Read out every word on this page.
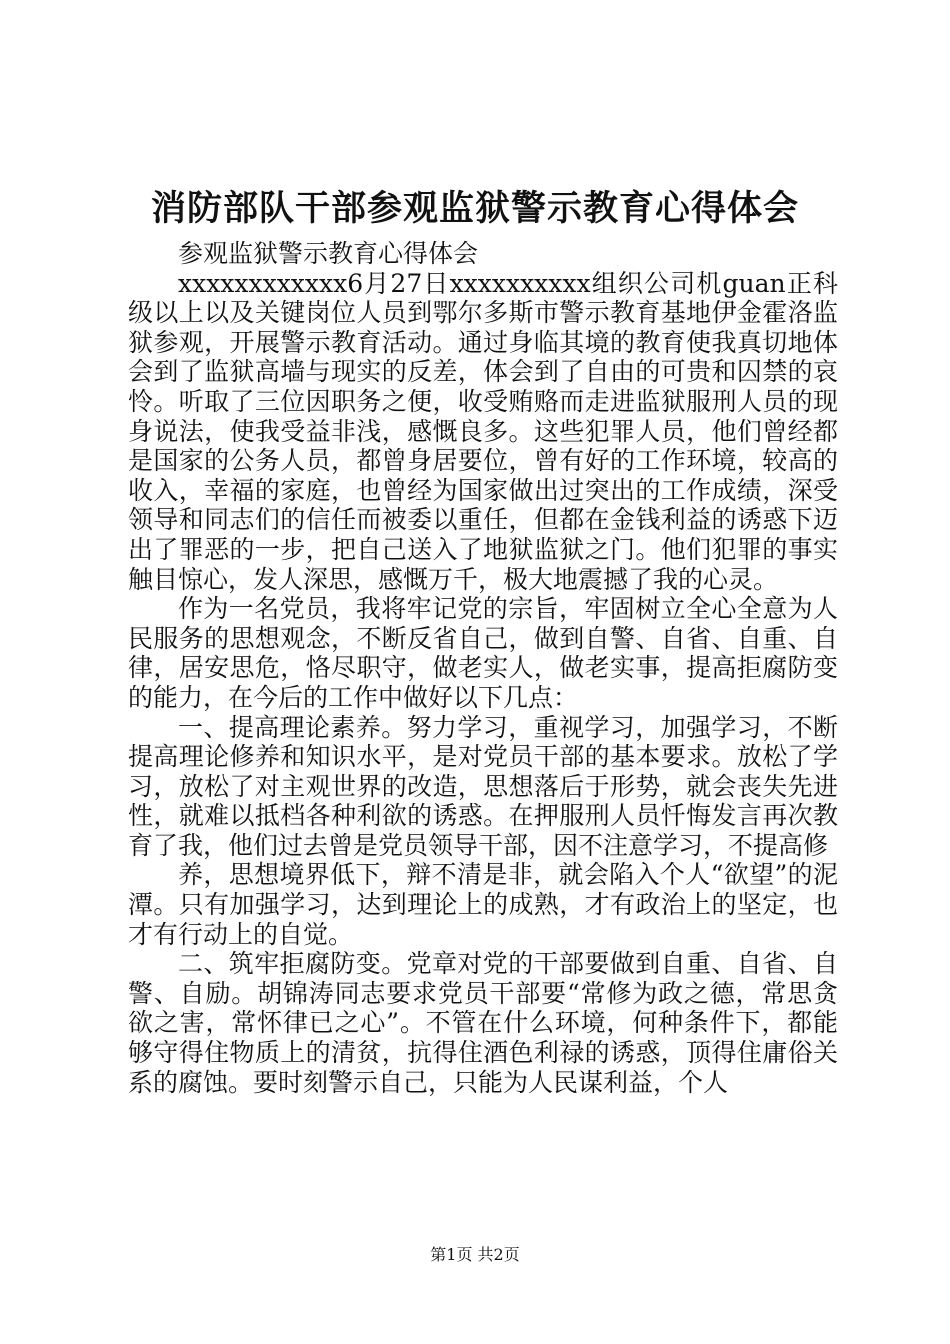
消防部队干部参观监狱警示教育心得体会

参观监狱警示教育心得体会

xxxxxxxxxxxx6月27日xxxxxxxxxx组织公司机guan正科级以上以及关键岗位人员到鄂尔多斯市警示教育基地伊金霍洛监狱参观，开展警示教育活动。通过身临其境的教育使我真切地体会到了监狱高墙与现实的反差，体会到了自由的可贵和囚禁的哀怜。听取了三位因职务之便，收受贿赂而走进监狱服刑人员的现身说法，使我受益非浅，感慨良多。这些犯罪人员，他们曾经都是国家的公务人员，都曾身居要位，曾有好的工作环境，较高的收入，幸福的家庭，也曾经为国家做出过突出的工作成绩，深受领导和同志们的信任而被委以重任，但都在金钱利益的诱惑下迈出了罪恶的一步，把自己送入了地狱监狱之门。他们犯罪的事实触目惊心，发人深思，感慨万千，极大地震撼了我的心灵。

作为一名党员，我将牢记党的宗旨，牢固树立全心全意为人民服务的思想观念，不断反省自己，做到自警、自省、自重、自律，居安思危，恪尽职守，做老实人，做老实事，提高拒腐防变的能力，在今后的工作中做好以下几点：

一、提高理论素养。努力学习，重视学习，加强学习，不断提高理论修养和知识水平，是对党员干部的基本要求。放松了学习，放松了对主观世界的改造，思想落后于形势，就会丧失先进性，就难以抵档各种利欲的诱惑。在押服刑人员忏悔发言再次教育了我，他们过去曾是党员领导干部，因不注意学习，不提高修

养，思想境界低下，辩不清是非，就会陷入个人“欲望”的泥潭。只有加强学习，达到理论上的成熟，才有政治上的坚定，也才有行动上的自觉。

二、筑牢拒腐防变。党章对党的干部要做到自重、自省、自警、自励。胡锦涛同志要求党员干部要“常修为政之德，常思贪欲之害，常怀律已之心”。不管在什么环境，何种条件下，都能够守得住物质上的清贫，抗得住酒色利禄的诱惑，顶得住庸俗关系的腐蚀。要时刻警示自己，只能为人民谋利益，个人

第1页 共2页
